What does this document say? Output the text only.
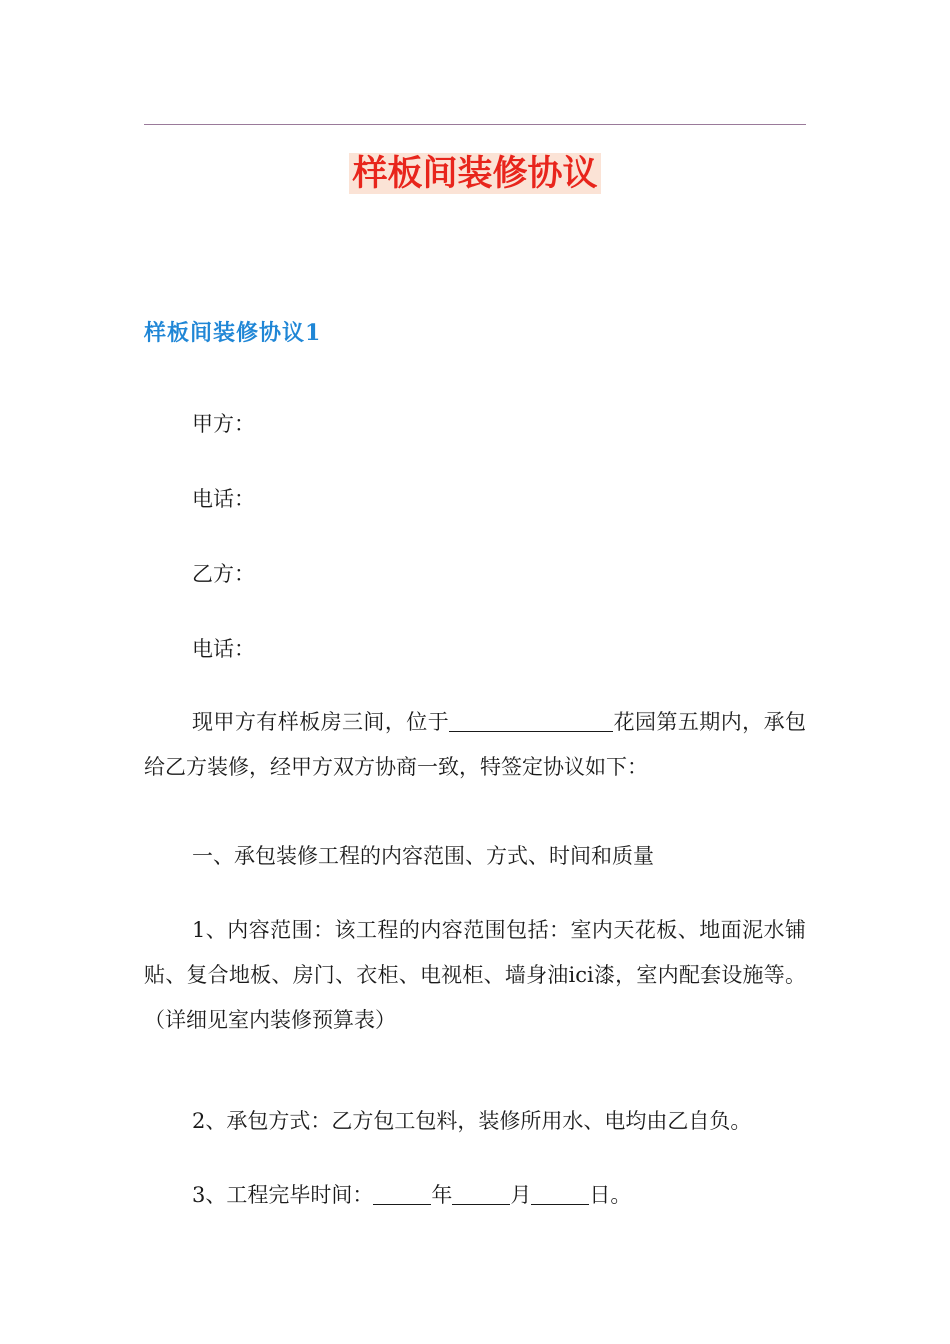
样板间装修协议
样板间装修协议1

甲方：

电话：

乙方：

电话：

现甲方有样板房三间，位于	花园第五期内，承包给乙方装修，经甲方双方协商一致，特签定协议如下：

一、承包装修工程的内容范围、方式、时间和质量

1、内容范围：该工程的内容范围包括：室内天花板、地面泥水铺贴、复合地板、房门、衣柜、电视柜、墙身油ici漆，室内配套设施等。（详细见室内装修预算表）

2、承包方式：乙方包工包料，装修所用水、电均由乙自负。

3、工程完毕时间：	年	月	日。
